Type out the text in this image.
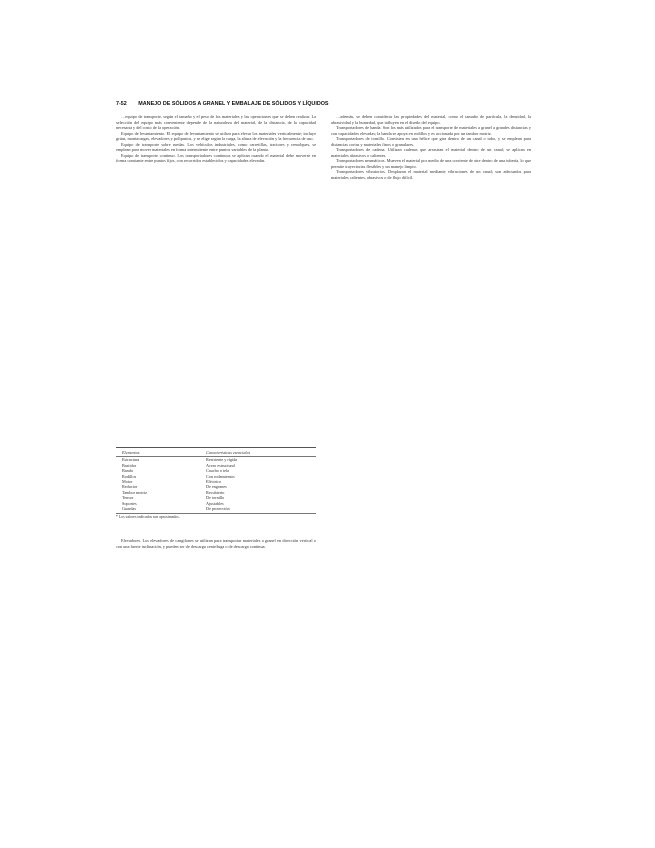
7-52 MANEJO DE SÓLIDOS A GRANEL Y EMBALAJE DE SÓLIDOS Y LÍQUIDOS

…equipo de transporte, según el tamaño y el peso de los materiales y las operaciones que se deben realizar. La selección del equipo más conveniente depende de la naturaleza del material, de la distancia, de la capacidad necesaria y del costo de la operación.

Equipo de levantamiento. El equipo de levantamiento se utiliza para elevar los materiales verticalmente; incluye grúas, montacargas, elevadores y polipastos, y se elige según la carga, la altura de elevación y la frecuencia de uso.

Equipo de transporte sobre ruedas. Los vehículos industriales, como carretillas, tractores y remolques, se emplean para mover materiales en forma intermitente entre puntos variables de la planta.

Equipo de transporte continuo. Los transportadores continuos se aplican cuando el material debe moverse en forma constante entre puntos fijos, con recorridos establecidos y capacidades elevadas.

Elementos	Características esenciales
Estructura	Resistente y rígida
Bastidor	Acero estructural
Banda	Caucho o tela
Rodillos	Con rodamientos
Motor	Eléctrico
Reductor	De engranes
Tambor motriz	Recubierto
Tensor	De tornillo
Soportes	Ajustables
Guardas	De protección
* Los valores indicados son aproximados.

Elevadores. Los elevadores de cangilones se utilizan para transportar materiales a granel en dirección vertical o con una fuerte inclinación, y pueden ser de descarga centrífuga o de descarga continua.

…además, se deben considerar las propiedades del material, como el tamaño de partícula, la densidad, la abrasividad y la humedad, que influyen en el diseño del equipo.

Transportadores de banda. Son los más utilizados para el transporte de materiales a granel a grandes distancias y con capacidades elevadas; la banda se apoya en rodillos y es accionada por un tambor motriz.

Transportadores de tornillo. Consisten en una hélice que gira dentro de un canal o tubo, y se emplean para distancias cortas y materiales finos o granulares.

Transportadores de cadena. Utilizan cadenas que arrastran el material dentro de un canal; se aplican en materiales abrasivos o calientes.

Transportadores neumáticos. Mueven el material por medio de una corriente de aire dentro de una tubería, lo que permite trayectorias flexibles y un manejo limpio.

Transportadores vibratorios. Desplazan el material mediante vibraciones de un canal; son adecuados para materiales calientes, abrasivos o de flujo difícil.
